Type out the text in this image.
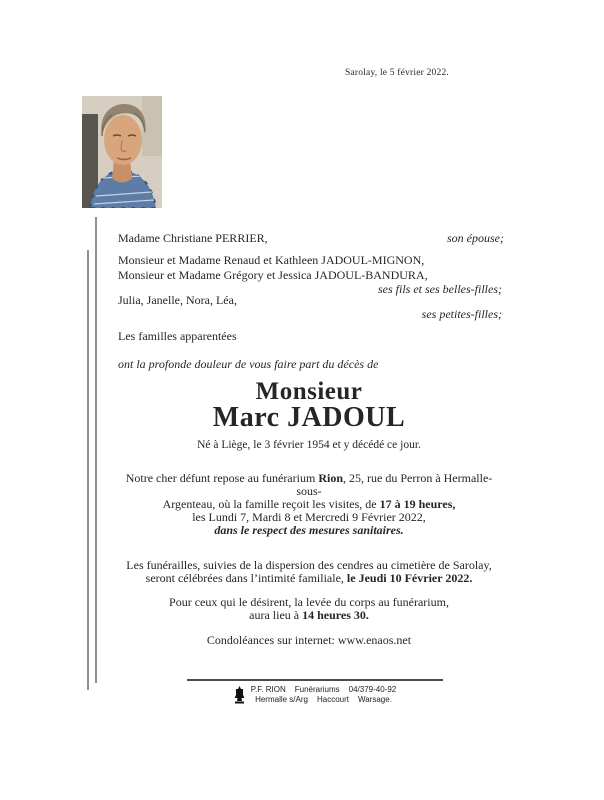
Sarolay, le 5 février 2022.
Madame Christiane PERRIER,	son épouse;
Monsieur et Madame Renaud et Kathleen JADOUL-MIGNON,
Monsieur et Madame Grégory et Jessica JADOUL-BANDURA,
ses fils et ses belles-filles;
Julia, Janelle, Nora, Léa,
ses petites-filles;
Les familles apparentées
ont la profonde douleur de vous faire part du décès de
Monsieur
Marc JADOUL
Né à Liège, le 3 février 1954 et y décédé ce jour.
Notre cher défunt repose au funérarium Rion, 25, rue du Perron à Hermalle-sous-
Argenteau, où la famille reçoit les visites, de 17 à 19 heures,
les Lundi 7, Mardi 8 et Mercredi 9 Février 2022,
dans le respect des mesures sanitaires.
Les funérailles, suivies de la dispersion des cendres au cimetière de Sarolay,
seront célébrées dans l’intimité familiale, le Jeudi 10 Février 2022.
Pour ceux qui le désirent, la levée du corps au funérarium,
aura lieu à 14 heures 30.
Condoléances sur internet: www.enaos.net
P.F. RION Funérariums 04/379-40-92
Hermalle s/Arg Haccourt Warsage.
